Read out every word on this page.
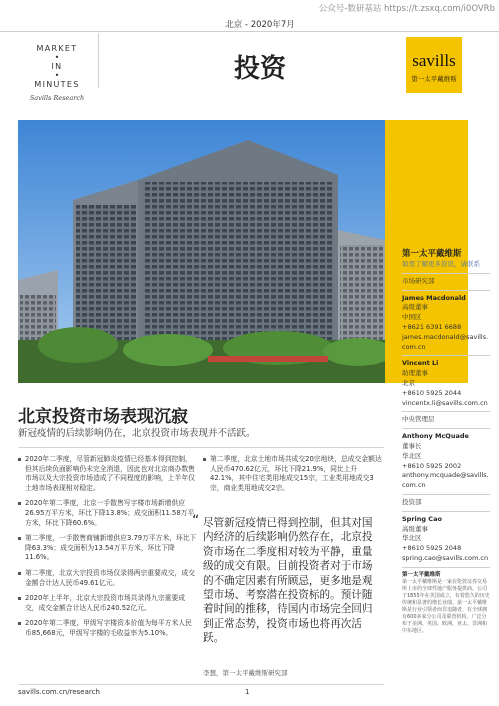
公众号-数研基站 https://t.zsxq.com/i0OVRb
北京 - 2020年7月
MARKET
•
IN
•
MINUTES
Savills Research
投资	savills
第一太平戴维斯
北京投资市场表现沉寂
新冠疫情的后续影响仍在，北京投资市场表现并不活跃。
2020年二季度，尽管新冠肺炎疫情已经基本得到控制，但其后续负面影响仍未完全消退，因此也对北京商办数售市场以及大宗投资市场造成了不同程度的影响，上半年仅土地市场表现相对稳定。
2020年第二季度，北京一手散售写字楼市场新增供应26.95万平方米，环比下降13.8%；成交面积11.58万平方米，环比下降60.6%。
第二季度，一手散售商铺新增供应3.79万平方米，环比下降63.3%；成交面积为13.54万平方米，环比下降11.6%。
第二季度，北京大宗投资市场仅录得两宗重要成交，成交金额合计达人民币49.61亿元。
2020年上半年，北京大宗投资市场共录得九宗重要成交，成交金额合计达人民币240.52亿元。
2020年第二季度，甲级写字楼资本价值为每平方米人民币85,668元，甲级写字楼的毛收益率为5.10%。
第二季度，北京土地市场共成交20宗地块，总成交金额达人民币470.62亿元，环比下降21.9%，同比上升42.1%，其中住宅类用地成交15宗，工业类用地成交3宗，商业类用地成交2宗。
“ 尽管新冠疫情已得到控制，但其对国内经济的后续影响仍然存在，北京投资市场在二季度相对较为平静，重量级的成交有限。目前投资者对于市场的不确定因素有所顾忌，更多地是观望市场、考察潜在投资标的。预计随着时间的推移，待国内市场完全回归到正常态势，投资市场也将再次活跃。
李想，第一太平戴维斯研究部
第一太平戴维斯
如需了解更多资讯，请联系
市场研究部
James Macdonald
高级董事
中国区
+8621 6391 6688
james.macdonald@savills.com.cn
Vincent Li
助理董事
北京
+8610 5925 2044
vincentx.li@savills.com.cn
中央管理层
Anthony McQuade
董事长
华北区
+8610 5925 2002
anthony.mcquade@savills.com.cn
投资部
Spring Cao
高级董事
华北区
+8610 5925 2048
spring.cao@savills.com.cn
第一太平戴维斯
第一太平戴维斯是一家在伦敦证券交易所上市的全球性地产服务提供商。公司于1855年在英国成立，有着悠久的历史传统和显著的增长业绩。第一太平戴维斯是行业引领者而非追随者，在全球拥有600多家分公司及联营机构，广泛分布于美洲、英国、欧洲、亚太、非洲和中东地区。
savills.com.cn/research	1
